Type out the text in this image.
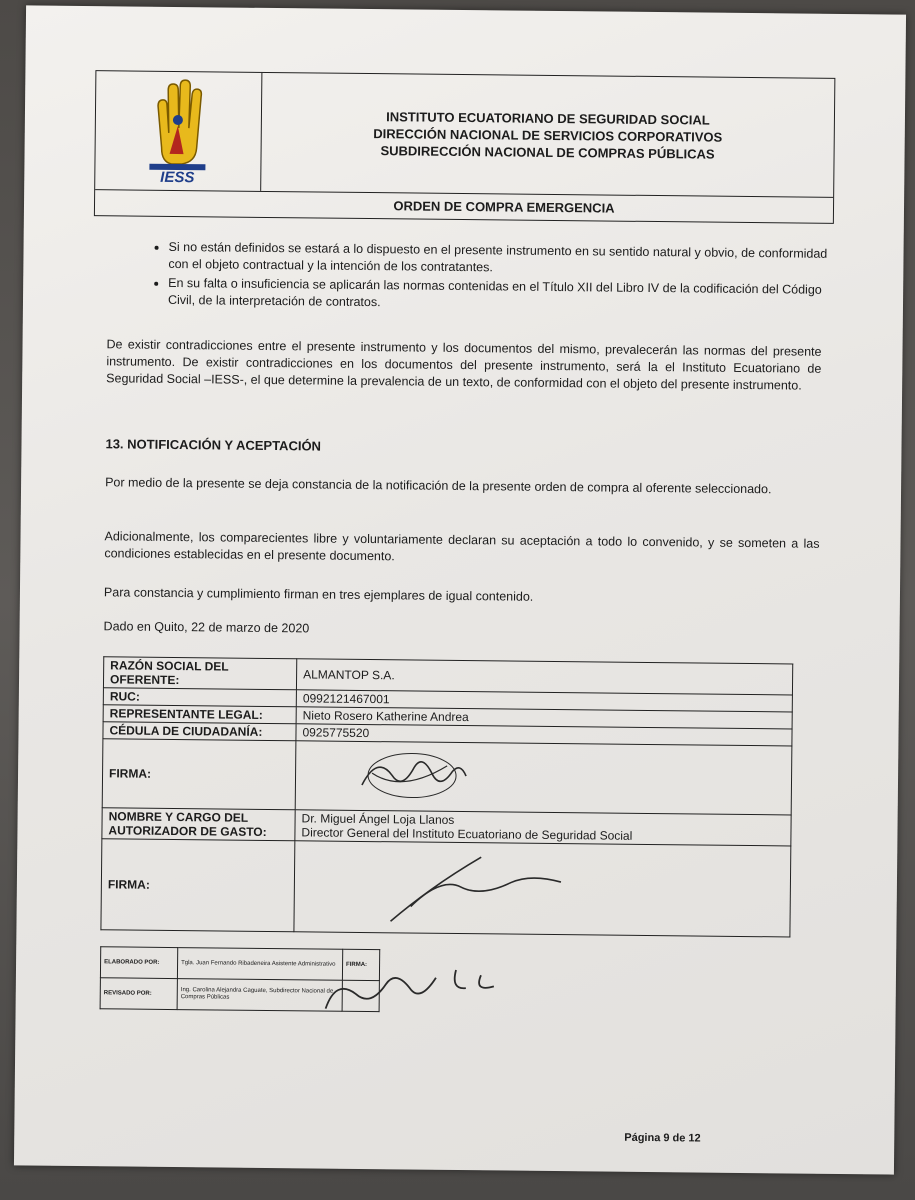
IESS
INSTITUTO ECUATORIANO DE SEGURIDAD SOCIAL
DIRECCIÓN NACIONAL DE SERVICIOS CORPORATIVOS
SUBDIRECCIÓN NACIONAL DE COMPRAS PÚBLICAS
ORDEN DE COMPRA EMERGENCIA
• Si no están definidos se estará a lo dispuesto en el presente instrumento en su sentido natural y obvio, de conformidad con el objeto contractual y la intención de los contratantes.
• En su falta o insuficiencia se aplicarán las normas contenidas en el Título XII del Libro IV de la codificación del Código Civil, de la interpretación de contratos.
De existir contradicciones entre el presente instrumento y los documentos del mismo, prevalecerán las normas del presente instrumento. De existir contradicciones en los documentos del presente instrumento, será la el Instituto Ecuatoriano de Seguridad Social –IESS-, el que determine la prevalencia de un texto, de conformidad con el objeto del presente instrumento.
13. NOTIFICACIÓN Y ACEPTACIÓN
Por medio de la presente se deja constancia de la notificación de la presente orden de compra al oferente seleccionado.
Adicionalmente, los comparecientes libre y voluntariamente declaran su aceptación a todo lo convenido, y se someten a las condiciones establecidas en el presente documento.
Para constancia y cumplimiento firman en tres ejemplares de igual contenido.
Dado en Quito, 22 de marzo de 2020
RAZÓN SOCIAL DEL OFERENTE:	ALMANTOP S.A.
RUC:	0992121467001
REPRESENTANTE LEGAL:	Nieto Rosero Katherine Andrea
CÉDULA DE CIUDADANÍA:	0925775520
FIRMA:	
NOMBRE Y CARGO DEL AUTORIZADOR DE GASTO:	Dr. Miguel Ángel Loja Llanos
Director General del Instituto Ecuatoriano de Seguridad Social

FIRMA:	
ELABORADO POR:	Tgla. Juan Fernando Ribadeneira Asistente Administrativo	FIRMA:
REVISADO POR:	Ing. Carolina Alejandra Caguate, Subdirector Nacional de Compras Públicas	
Página 9 de 12
